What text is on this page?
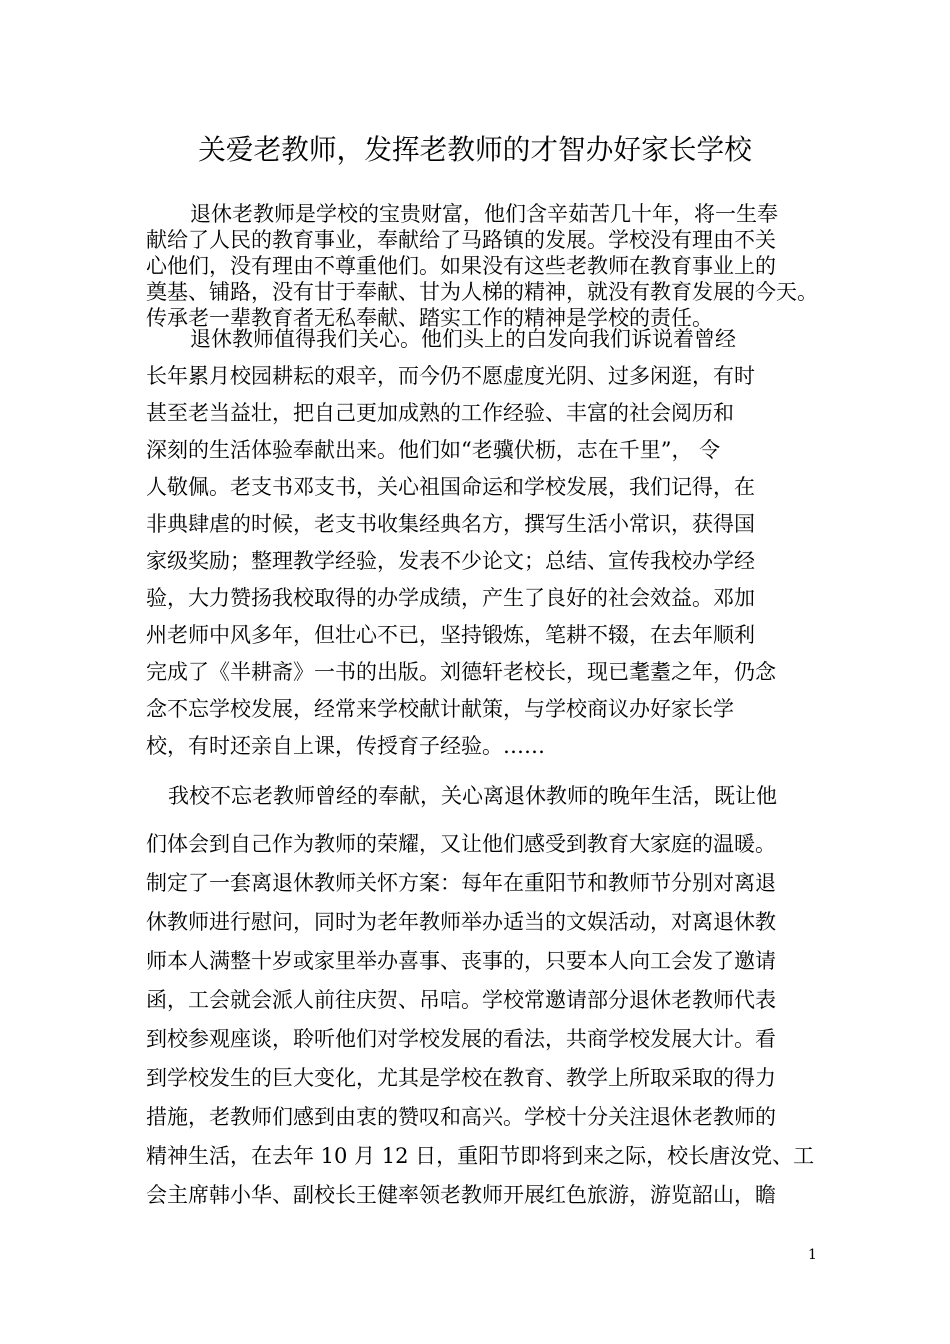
关爱老教师，发挥老教师的才智办好家长学校
退休老教师是学校的宝贵财富，他们含辛茹苦几十年，将一生奉
献给了人民的教育事业，奉献给了马路镇的发展。学校没有理由不关
心他们，没有理由不尊重他们。如果没有这些老教师在教育事业上的
奠基、铺路，没有甘于奉献、甘为人梯的精神，就没有教育发展的今天。
传承老一辈教育者无私奉献、踏实工作的精神是学校的责任。
退休教师值得我们关心。他们头上的白发向我们诉说着曾经
长年累月校园耕耘的艰辛，而今仍不愿虚度光阴、过多闲逛，有时
甚至老当益壮，把自己更加成熟的工作经验、丰富的社会阅历和
深刻的生活体验奉献出来。他们如“老骥伏枥，志在千里”， 令
人敬佩。老支书邓支书，关心祖国命运和学校发展，我们记得，在
非典肆虐的时候，老支书收集经典名方，撰写生活小常识，获得国
家级奖励；整理教学经验，发表不少论文；总结、宣传我校办学经
验，大力赞扬我校取得的办学成绩，产生了良好的社会效益。邓加
州老师中风多年，但壮心不已，坚持锻炼，笔耕不辍，在去年顺利
完成了《半耕斋》一书的出版。刘德轩老校长，现已耄耋之年，仍念
念不忘学校发展，经常来学校献计献策，与学校商议办好家长学
校，有时还亲自上课，传授育子经验。……
我校不忘老教师曾经的奉献，关心离退休教师的晚年生活，既让他
们体会到自己作为教师的荣耀，又让他们感受到教育大家庭的温暖。
制定了一套离退休教师关怀方案：每年在重阳节和教师节分别对离退
休教师进行慰问，同时为老年教师举办适当的文娱活动，对离退休教
师本人满整十岁或家里举办喜事、丧事的，只要本人向工会发了邀请
函，工会就会派人前往庆贺、吊唁。学校常邀请部分退休老教师代表
到校参观座谈，聆听他们对学校发展的看法，共商学校发展大计。看
到学校发生的巨大变化，尤其是学校在教育、教学上所取采取的得力
措施，老教师们感到由衷的赞叹和高兴。学校十分关注退休老教师的
精神生活，在去年 10 月 12 日，重阳节即将到来之际，校长唐汝党、工
会主席韩小华、副校长王健率领老教师开展红色旅游，游览韶山，瞻
1
